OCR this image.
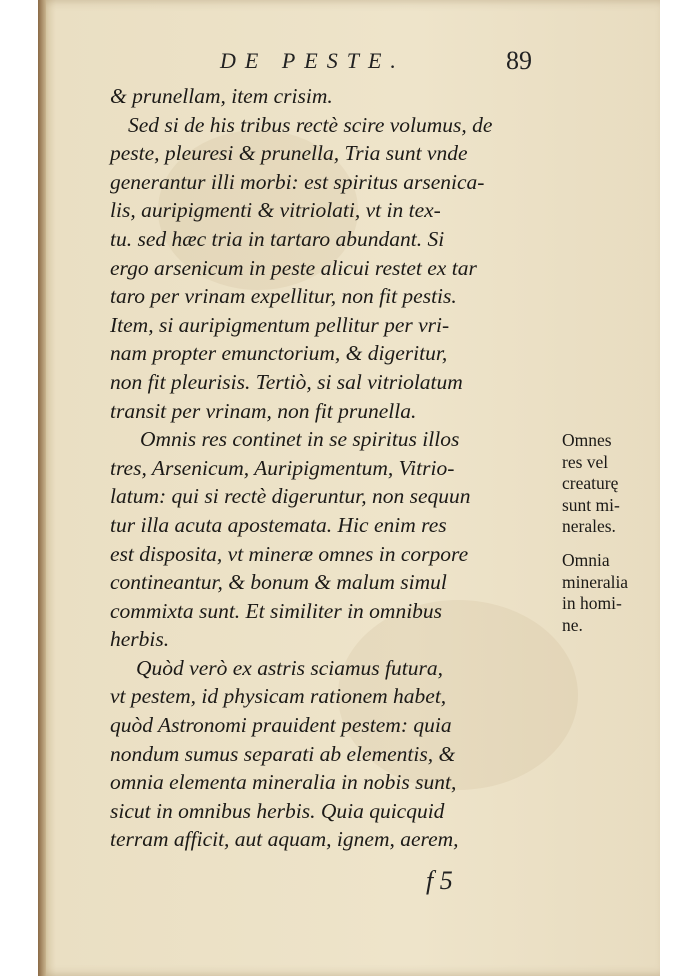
DE PESTE.	89
& prunellam, item crisim.
Sed si de his tribus rectè scire volumus, de
peste, pleuresi & prunella, Tria sunt vnde
generantur illi morbi: est spiritus arsenica-
lis, auripigmenti & vitriolati, vt in tex-
tu. sed hæc tria in tartaro abundant. Si
ergo arsenicum in peste alicui restet ex tar
taro per vrinam expellitur, non fit pestis.
Item, si auripigmentum pellitur per vri-
nam propter emunctorium, & digeritur,
non fit pleurisis. Tertiò, si sal vitriolatum
transit per vrinam, non fit prunella.
Omnis res continet in se spiritus illos
tres, Arsenicum, Auripigmentum, Vitrio-
latum: qui si rectè digeruntur, non sequun
tur illa acuta apostemata. Hic enim res
est disposita, vt mineræ omnes in corpore
contineantur, & bonum & malum simul
commixta sunt. Et similiter in omnibus
herbis.
Quòd verò ex astris sciamus futura,
vt pestem, id physicam rationem habet,
quòd Astronomi prauident pestem: quia
nondum sumus separati ab elementis, &
omnia elementa mineralia in nobis sunt,
sicut in omnibus herbis. Quia quicquid
terram afficit, aut aquam, ignem, aerem,
Omnes
res vel
creaturę
sunt mi-
nerales.
Omnia
mineralia
in homi-
ne.
f 5
